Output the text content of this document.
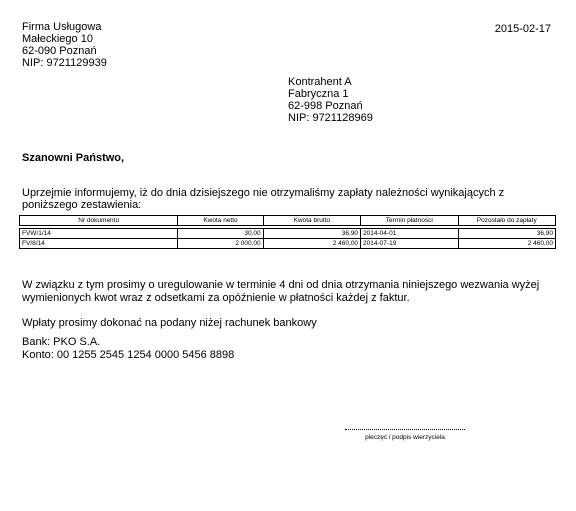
Firma Usługowa
Małeckiego 10
62-090 Poznań
NIP: 9721129939
2015-02-17
Kontrahent A
Fabryczna 1
62-998 Poznań
NIP: 9721128969
Szanowni Państwo,
Uprzejmie informujemy, iż do dnia dzisiejszego nie otrzymaliśmy zapłaty należności wynikających z poniższego zestawienia:
Nr dokumentu	Kwota netto	Kwota brutto	Termin płatności	Pozostało do zapłaty

FVW/1/14	30,00	36,90	2014-04-01	36,90
FV/8/14	2 000,00	2 460,00	2014-07-19	2 460,00
W związku z tym prosimy o uregulowanie w terminie 4 dni od dnia otrzymania niniejszego wezwania wyżej wymienionych kwot wraz z odsetkami za opóźnienie w płatności każdej z faktur.
Wpłaty prosimy dokonać na podany niżej rachunek bankowy
Bank: PKO S.A.
Konto: 00 1255 2545 1254 0000 5456 8898
pieczęć i podpis wierzyciela
